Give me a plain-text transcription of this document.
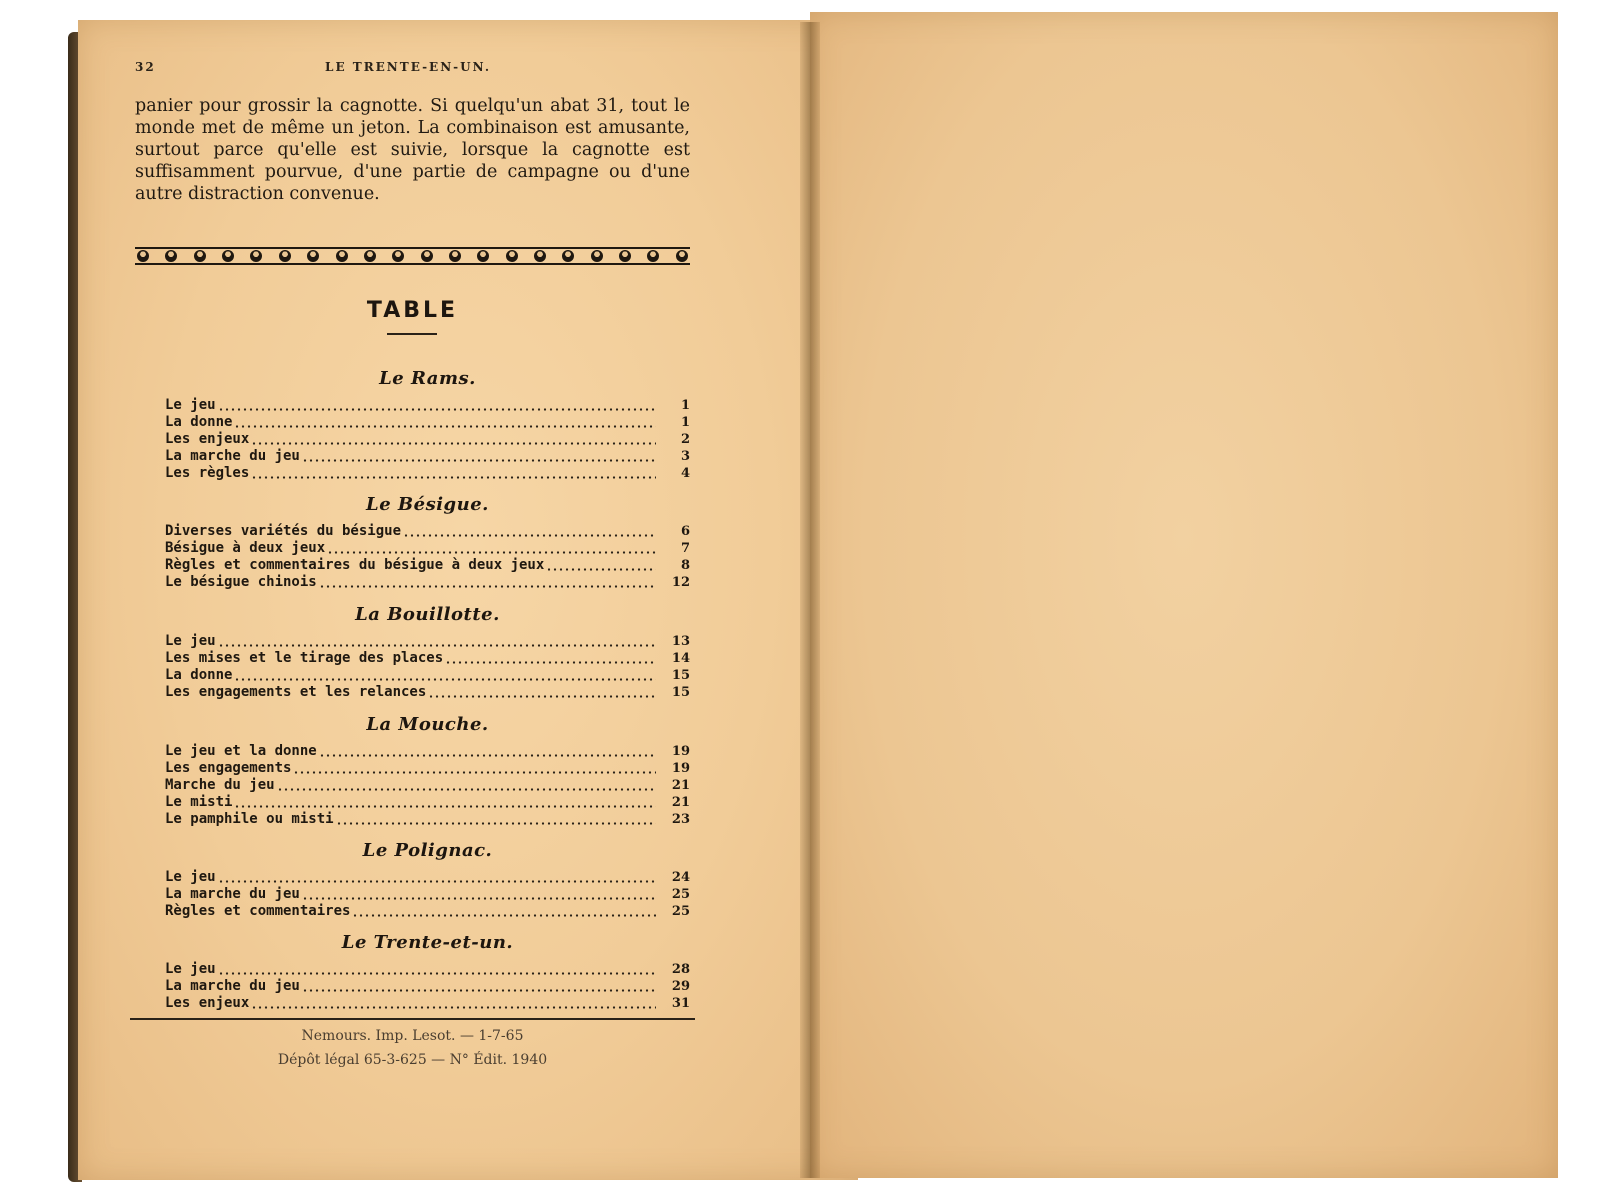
32	LE TRENTE-EN-UN.
panier pour grossir la cagnotte. Si quelqu'un abat 31, tout le monde met de même un jeton. La combinaison est amusante, surtout parce qu'elle est suivie, lorsque la cagnotte est suffisamment pourvue, d'une partie de campagne ou d'une autre distraction convenue.
TABLE
Le Rams.
Le jeu	1
La donne	1
Les enjeux	2
La marche du jeu	3
Les règles	4
Le Bésigue.
Diverses variétés du bésigue	6
Bésigue à deux jeux	7
Règles et commentaires du bésigue à deux jeux	8
Le bésigue chinois	12
La Bouillotte.
Le jeu	13
Les mises et le tirage des places	14
La donne	15
Les engagements et les relances	15
La Mouche.
Le jeu et la donne	19
Les engagements	19
Marche du jeu	21
Le misti	21
Le pamphile ou misti	23
Le Polignac.
Le jeu	24
La marche du jeu	25
Règles et commentaires	25
Le Trente-et-un.
Le jeu	28
La marche du jeu	29
Les enjeux	31
Nemours. Imp. Lesot. — 1-7-65
Dépôt légal 65-3-625 — N° Édit. 1940
